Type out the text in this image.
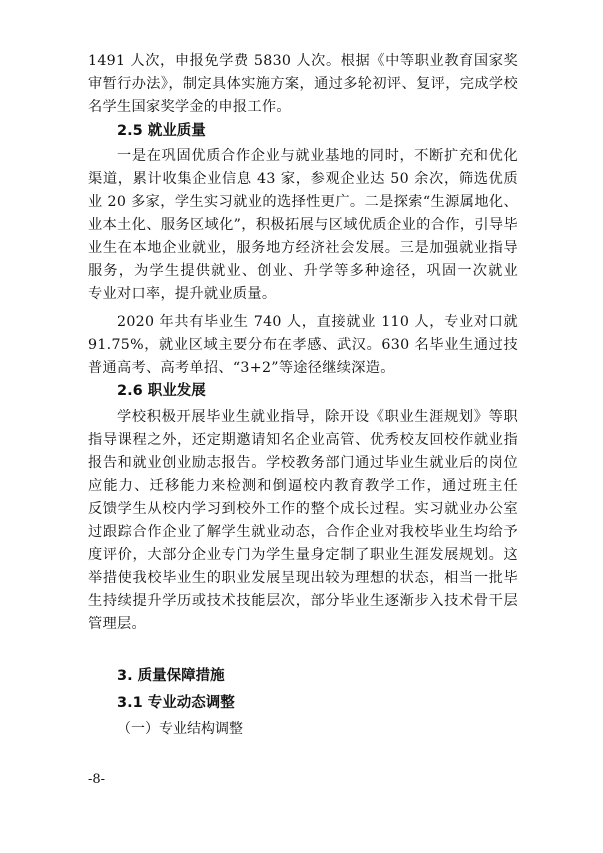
1491 人次，申报免学费 5830 人次。根据《中等职业教育国家奖
审暂行办法》，制定具体实施方案，通过多轮初评、复评，完成学校
名学生国家奖学金的申报工作。
2.5 就业质量
一是在巩固优质合作企业与就业基地的同时，不断扩充和优化
渠道，累计收集企业信息 43 家，参观企业达 50 余次，筛选优质
业 20 多家，学生实习就业的选择性更广。二是探索“生源属地化、
业本土化、服务区域化”，积极拓展与区域优质企业的合作，引导毕
业生在本地企业就业，服务地方经济社会发展。三是加强就业指导
服务，为学生提供就业、创业、升学等多种途径，巩固一次就业
专业对口率，提升就业质量。
2020 年共有毕业生 740 人，直接就业 110 人，专业对口就
91.75%，就业区域主要分布在孝感、武汉。630 名毕业生通过技
普通高考、高考单招、“3+2”等途径继续深造。
2.6 职业发展
学校积极开展毕业生就业指导，除开设《职业生涯规划》等职
指导课程之外，还定期邀请知名企业高管、优秀校友回校作就业指
报告和就业创业励志报告。学校教务部门通过毕业生就业后的岗位
应能力、迁移能力来检测和倒逼校内教育教学工作，通过班主任
反馈学生从校内学习到校外工作的整个成长过程。实习就业办公室
过跟踪合作企业了解学生就业动态，合作企业对我校毕业生均给予
度评价，大部分企业专门为学生量身定制了职业生涯发展规划。这
举措使我校毕业生的职业发展呈现出较为理想的状态，相当一批毕
生持续提升学历或技术技能层次，部分毕业生逐渐步入技术骨干层
管理层。
3. 质量保障措施
3.1 专业动态调整
（一）专业结构调整
-8-
